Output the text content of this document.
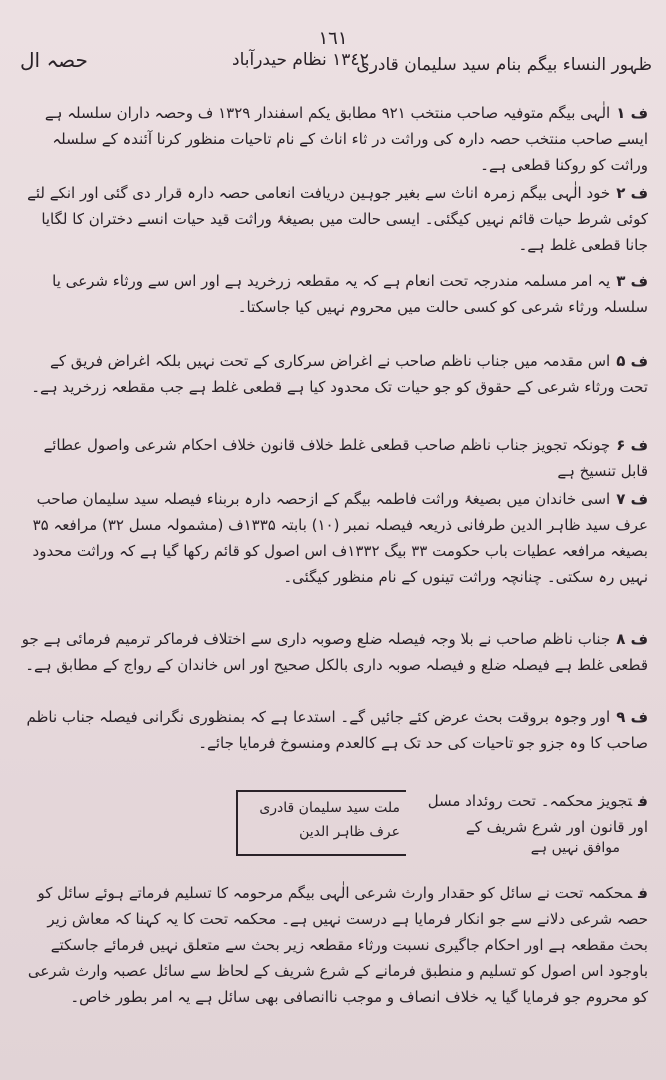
١٦١
حصہ ال	١٣٤٢ نظام حیدرآباد
ظہور النساء بیگم بنام سید سلیمان قادری
ف ۱الٰہی بیگم متوفیہ صاحب منتخب ۹۲۱ مطابق یکم اسفندار ۱۳۲۹ ف وحصہ داران سلسلہ ہے ایسے صاحب منتخب حصہ دارہ کی وراثت در ثاء اناث کے نام تاحیات منظور کرنا آئندہ کے سلسلہ وراثت کو روکنا قطعی ہے۔
ف ۲خود الٰہی بیگم زمرہ اناث سے بغیر جوہین دریافت انعامی حصہ دارہ قرار دی گئی اور انکے لئے کوئی شرط حیات قائم نہیں کیگئی۔ ایسی حالت میں بصیغۂ وراثت قید حیات انسے دختران کا لگایا جانا قطعی غلط ہے۔
ف ۳یہ امر مسلمہ مندرجہ تحت انعام ہے کہ یہ مقطعہ زرخرید ہے اور اس سے ورثاء شرعی یا سلسلہ ورثاء شرعی کو کسی حالت میں محروم نہیں کیا جاسکتا۔
ف ۵اس مقدمہ میں جناب ناظم صاحب نے اغراض سرکاری کے تحت نہیں بلکہ اغراض فریق کے تحت ورثاء شرعی کے حقوق کو جو حیات تک محدود کیا ہے قطعی غلط ہے جب مقطعہ زرخرید ہے۔
ف ۶چونکہ تجویز جناب ناظم صاحب قطعی غلط خلاف قانون خلاف احکام شرعی واصول عطائے قابل تنسیخ ہے
ف ۷اسی خاندان میں بصیغۂ وراثت فاطمہ بیگم کے ازحصہ دارہ بربناء فیصلہ سید سلیمان صاحب عرف سید ظاہر الدین طرفانی ذریعہ فیصلہ نمبر (۱۰) بابتہ ۱۳۳۵ف (مشمولہ مسل ۳۲) مرافعہ ۳۵ بصیغہ مرافعہ عطیات باب حکومت ۳۳ بیگ ۱۳۳۲ف اس اصول کو قائم رکھا گیا ہے کہ وراثت محدود نہیں رہ سکتی۔ چنانچہ وراثت تینوں کے نام منظور کیگئی۔
ف ۸جناب ناظم صاحب نے بلا وجہ فیصلہ ضلع وصوبہ داری سے اختلاف فرماکر ترمیم فرمائی ہے جو قطعی غلط ہے فیصلہ ضلع و فیصلہ صوبہ داری بالکل صحیح اور اس خاندان کے رواج کے مطابق ہے۔
ف ۹اور وجوہ بروقت بحث عرض کئے جائیں گے۔ استدعا ہے کہ بمنظوری نگرانی فیصلہ جناب ناظم صاحب کا وہ جزو جو تاحیات کی حد تک ہے کالعدم ومنسوخ فرمایا جائے۔
فتجویز محکمہ۔ تحت روئداد مسل اور قانون اور شرع شریف کے
ملت سید سلیمان قادری عرف ظاہر الدین
موافق نہیں ہے
فمحکمہ تحت نے سائل کو حقدار وارث شرعی الٰہی بیگم مرحومہ کا تسلیم فرماتے ہوئے سائل کو حصہ شرعی دلانے سے جو انکار فرمایا ہے درست نہیں ہے۔ محکمہ تحت کا یہ کہنا کہ معاش زیر بحث مقطعہ ہے اور احکام جاگیری نسبت ورثاء مقطعہ زیر بحث سے متعلق نہیں فرمائے جاسکتے باوجود اس اصول کو تسلیم و منطبق فرمانے کے شرع شریف کے لحاظ سے سائل عصبہ وارث شرعی کو محروم جو فرمایا گیا یہ خلاف انصاف و موجب ناانصافی بھی سائل ہے یہ امر بطور خاص۔
